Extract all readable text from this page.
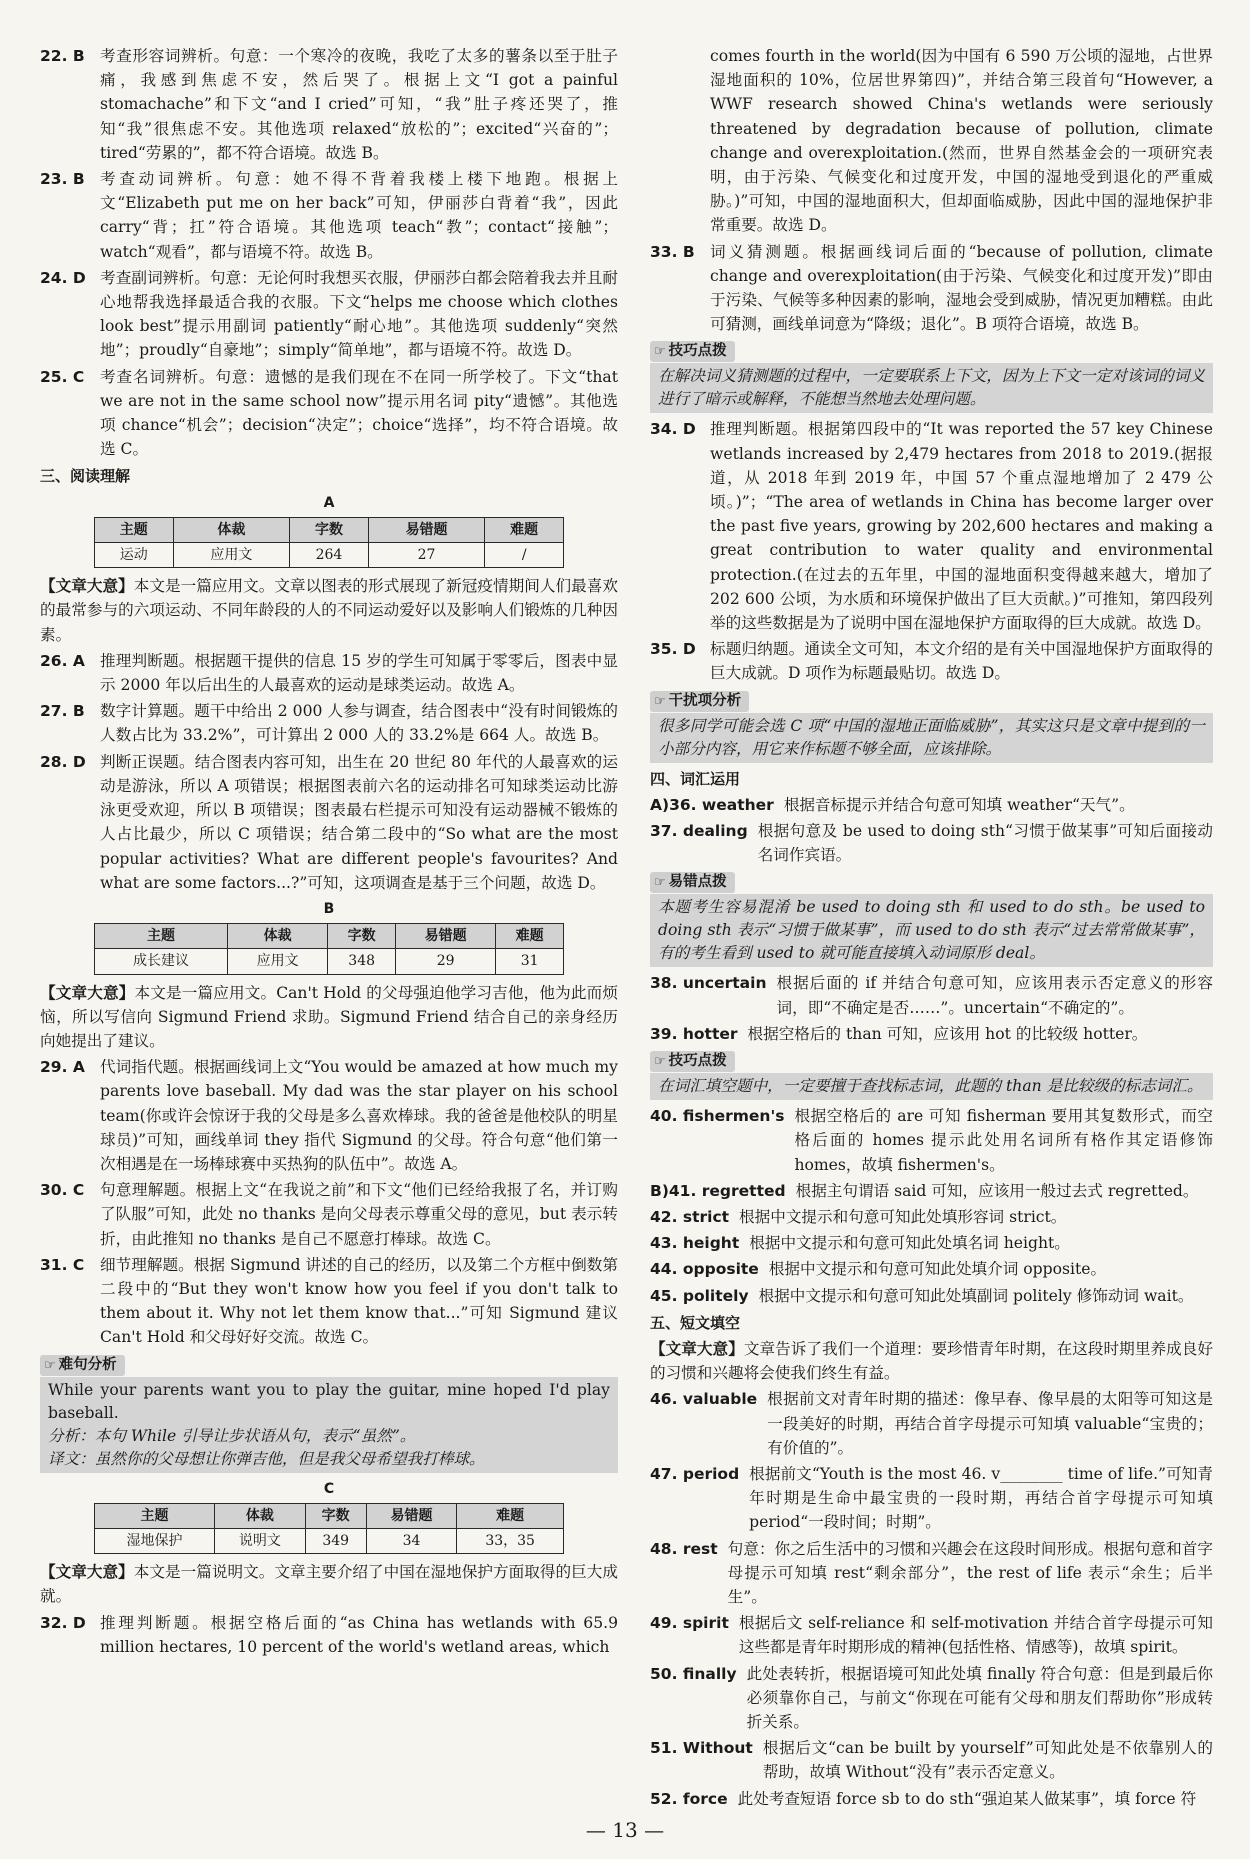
22. B 考查形容词辨析。句意：一个寒冷的夜晚，我吃了太多的薯条以至于肚子痛，我感到焦虑不安，然后哭了。根据上文“I got a painful stomachache”和下文“and I cried”可知，“我”肚子疼还哭了，推知“我”很焦虑不安。其他选项 relaxed“放松的”；excited“兴奋的”；tired“劳累的”，都不符合语境。故选 B。
23. B 考查动词辨析。句意：她不得不背着我楼上楼下地跑。根据上文“Elizabeth put me on her back”可知，伊丽莎白背着“我”，因此 carry“背；扛”符合语境。其他选项 teach“教”；contact“接触”；watch“观看”，都与语境不符。故选 B。
24. D 考查副词辨析。句意：无论何时我想买衣服，伊丽莎白都会陪着我去并且耐心地帮我选择最适合我的衣服。下文“helps me choose which clothes look best”提示用副词 patiently“耐心地”。其他选项 suddenly“突然地”；proudly“自豪地”；simply“简单地”，都与语境不符。故选 D。
25. C	考查名词辨析。句意：遗憾的是我们现在不在同一所学校了。下文“that we are not in the same school now”提示用名词 pity“遗憾”。其他选项 chance“机会”；decision“决定”；choice“选择”，均不符合语境。故选 C。
三、阅读理解
A
主题	体裁	字数	易错题	难题
运动	应用文	264	27	/
【文章大意】本文是一篇应用文。文章以图表的形式展现了新冠疫情期间人们最喜欢的最常参与的六项运动、不同年龄段的人的不同运动爱好以及影响人们锻炼的几种因素。
26. A 推理判断题。根据题干提供的信息 15 岁的学生可知属于零零后，图表中显示 2000 年以后出生的人最喜欢的运动是球类运动。故选 A。
27. B 数字计算题。题干中给出 2 000 人参与调查，结合图表中“没有时间锻炼的人数占比为 33.2%”，可计算出 2 000 人的 33.2%是 664 人。故选 B。
28. D 判断正误题。结合图表内容可知，出生在 20 世纪 80 年代的人最喜欢的运动是游泳，所以 A 项错误；根据图表前六名的运动排名可知球类运动比游泳更受欢迎，所以 B 项错误；图表最右栏提示可知没有运动器械不锻炼的人占比最少，所以 C 项错误；结合第二段中的“So what are the most popular activities? What are different people's favourites? And what are some factors...?”可知，这项调查是基于三个问题，故选 D。
B
主题	体裁	字数	易错题	难题
成长建议	应用文	348	29	31
【文章大意】本文是一篇应用文。Can't Hold 的父母强迫他学习吉他，他为此而烦恼，所以写信向 Sigmund Friend 求助。Sigmund Friend 结合自己的亲身经历向她提出了建议。
29. A 代词指代题。根据画线词上文“You would be amazed at how much my parents love baseball. My dad was the star player on his school team(你或许会惊讶于我的父母是多么喜欢棒球。我的爸爸是他校队的明星球员)”可知，画线单词 they 指代 Sigmund 的父母。符合句意“他们第一次相遇是在一场棒球赛中买热狗的队伍中”。故选 A。
30. C	句意理解题。根据上文“在我说之前”和下文“他们已经给我报了名，并订购了队服”可知，此处 no thanks 是向父母表示尊重父母的意见，but 表示转折，由此推知 no thanks 是自己不愿意打棒球。故选 C。
31. C	细节理解题。根据 Sigmund 讲述的自己的经历，以及第二个方框中倒数第二段中的“But they won't know how you feel if you don't talk to them about it. Why not let them know that...”可知 Sigmund 建议 Can't Hold 和父母好好交流。故选 C。
☞ 难句分析
While your parents want you to play the guitar, mine hoped I'd play baseball.
分析：本句 While 引导让步状语从句，表示“虽然”。
译文：虽然你的父母想让你弹吉他，但是我父母希望我打棒球。
C
主题	体裁	字数	易错题	难题
湿地保护	说明文	349	34	33，35
【文章大意】本文是一篇说明文。文章主要介绍了中国在湿地保护方面取得的巨大成就。
32. D 推理判断题。根据空格后面的“as China has wetlands with 65.9 million hectares, 10 percent of the world's wetland areas, which
comes fourth in the world(因为中国有 6 590 万公顷的湿地，占世界湿地面积的 10%，位居世界第四)”，并结合第三段首句“However, a WWF research showed China's wetlands were seriously threatened by degradation because of pollution, climate change and overexploitation.(然而，世界自然基金会的一项研究表明，由于污染、气候变化和过度开发，中国的湿地受到退化的严重威胁。)”可知，中国的湿地面积大，但却面临威胁，因此中国的湿地保护非常重要。故选 D。
33. B 词义猜测题。根据画线词后面的“because of pollution, climate change and overexploitation(由于污染、气候变化和过度开发)”即由于污染、气候等多种因素的影响，湿地会受到威胁，情况更加糟糕。由此可猜测，画线单词意为“降级；退化”。B 项符合语境，故选 B。
☞ 技巧点拨
在解决词义猜测题的过程中，一定要联系上下文，因为上下文一定对该词的词义进行了暗示或解释，不能想当然地去处理问题。
34. D 推理判断题。根据第四段中的“It was reported the 57 key Chinese wetlands increased by 2,479 hectares from 2018 to 2019.(据报道，从 2018 年到 2019 年，中国 57 个重点湿地增加了 2 479 公顷。)”；“The area of wetlands in China has become larger over the past five years, growing by 202,600 hectares and making a great contribution to water quality and environmental protection.(在过去的五年里，中国的湿地面积变得越来越大，增加了 202 600 公顷，为水质和环境保护做出了巨大贡献。)”可推知，第四段列举的这些数据是为了说明中国在湿地保护方面取得的巨大成就。故选 D。
35. D 标题归纳题。通读全文可知，本文介绍的是有关中国湿地保护方面取得的巨大成就。D 项作为标题最贴切。故选 D。
☞ 干扰项分析
很多同学可能会选 C 项“中国的湿地正面临威胁”，其实这只是文章中提到的一小部分内容，用它来作标题不够全面，应该排除。
四、词汇运用
A)36. weather 根据音标提示并结合句意可知填 weather“天气”。
37. dealing 根据句意及 be used to doing sth“习惯于做某事”可知后面接动名词作宾语。
☞ 易错点拨
本题考生容易混淆 be used to doing sth 和 used to do sth。be used to doing sth 表示“习惯于做某事”，而 used to do sth 表示“过去常常做某事”，有的考生看到 used to 就可能直接填入动词原形 deal。
38. uncertain 根据后面的 if 并结合句意可知，应该用表示否定意义的形容词，即“不确定是否……”。uncertain“不确定的”。
39. hotter 根据空格后的 than 可知，应该用 hot 的比较级 hotter。
☞ 技巧点拨
在词汇填空题中，一定要擅于查找标志词，此题的 than 是比较级的标志词汇。
40. fishermen's 根据空格后的 are 可知 fisherman 要用其复数形式，而空格后面的 homes 提示此处用名词所有格作其定语修饰 homes，故填 fishermen's。
B)41. regretted 根据主句谓语 said 可知，应该用一般过去式 regretted。
42. strict 根据中文提示和句意可知此处填形容词 strict。
43. height 根据中文提示和句意可知此处填名词 height。
44. opposite 根据中文提示和句意可知此处填介词 opposite。
45. politely 根据中文提示和句意可知此处填副词 politely 修饰动词 wait。
五、短文填空
【文章大意】文章告诉了我们一个道理：要珍惜青年时期，在这段时期里养成良好的习惯和兴趣将会使我们终生有益。
46. valuable 根据前文对青年时期的描述：像早春、像早晨的太阳等可知这是一段美好的时期，再结合首字母提示可知填 valuable“宝贵的；有价值的”。
47. period 根据前文“Youth is the most 46. v________ time of life.”可知青年时期是生命中最宝贵的一段时期，再结合首字母提示可知填 period“一段时间；时期”。
48. rest 句意：你之后生活中的习惯和兴趣会在这段时间形成。根据句意和首字母提示可知填 rest“剩余部分”，the rest of life 表示“余生；后半生”。
49. spirit 根据后文 self-reliance 和 self-motivation 并结合首字母提示可知这些都是青年时期形成的精神(包括性格、情感等)，故填 spirit。
50. finally 此处表转折，根据语境可知此处填 finally 符合句意：但是到最后你必须靠你自己，与前文“你现在可能有父母和朋友们帮助你”形成转折关系。
51. Without 根据后文“can be built by yourself”可知此处是不依靠别人的帮助，故填 Without“没有”表示否定意义。
52. force 此处考查短语 force sb to do sth“强迫某人做某事”，填 force 符
— 13 —
